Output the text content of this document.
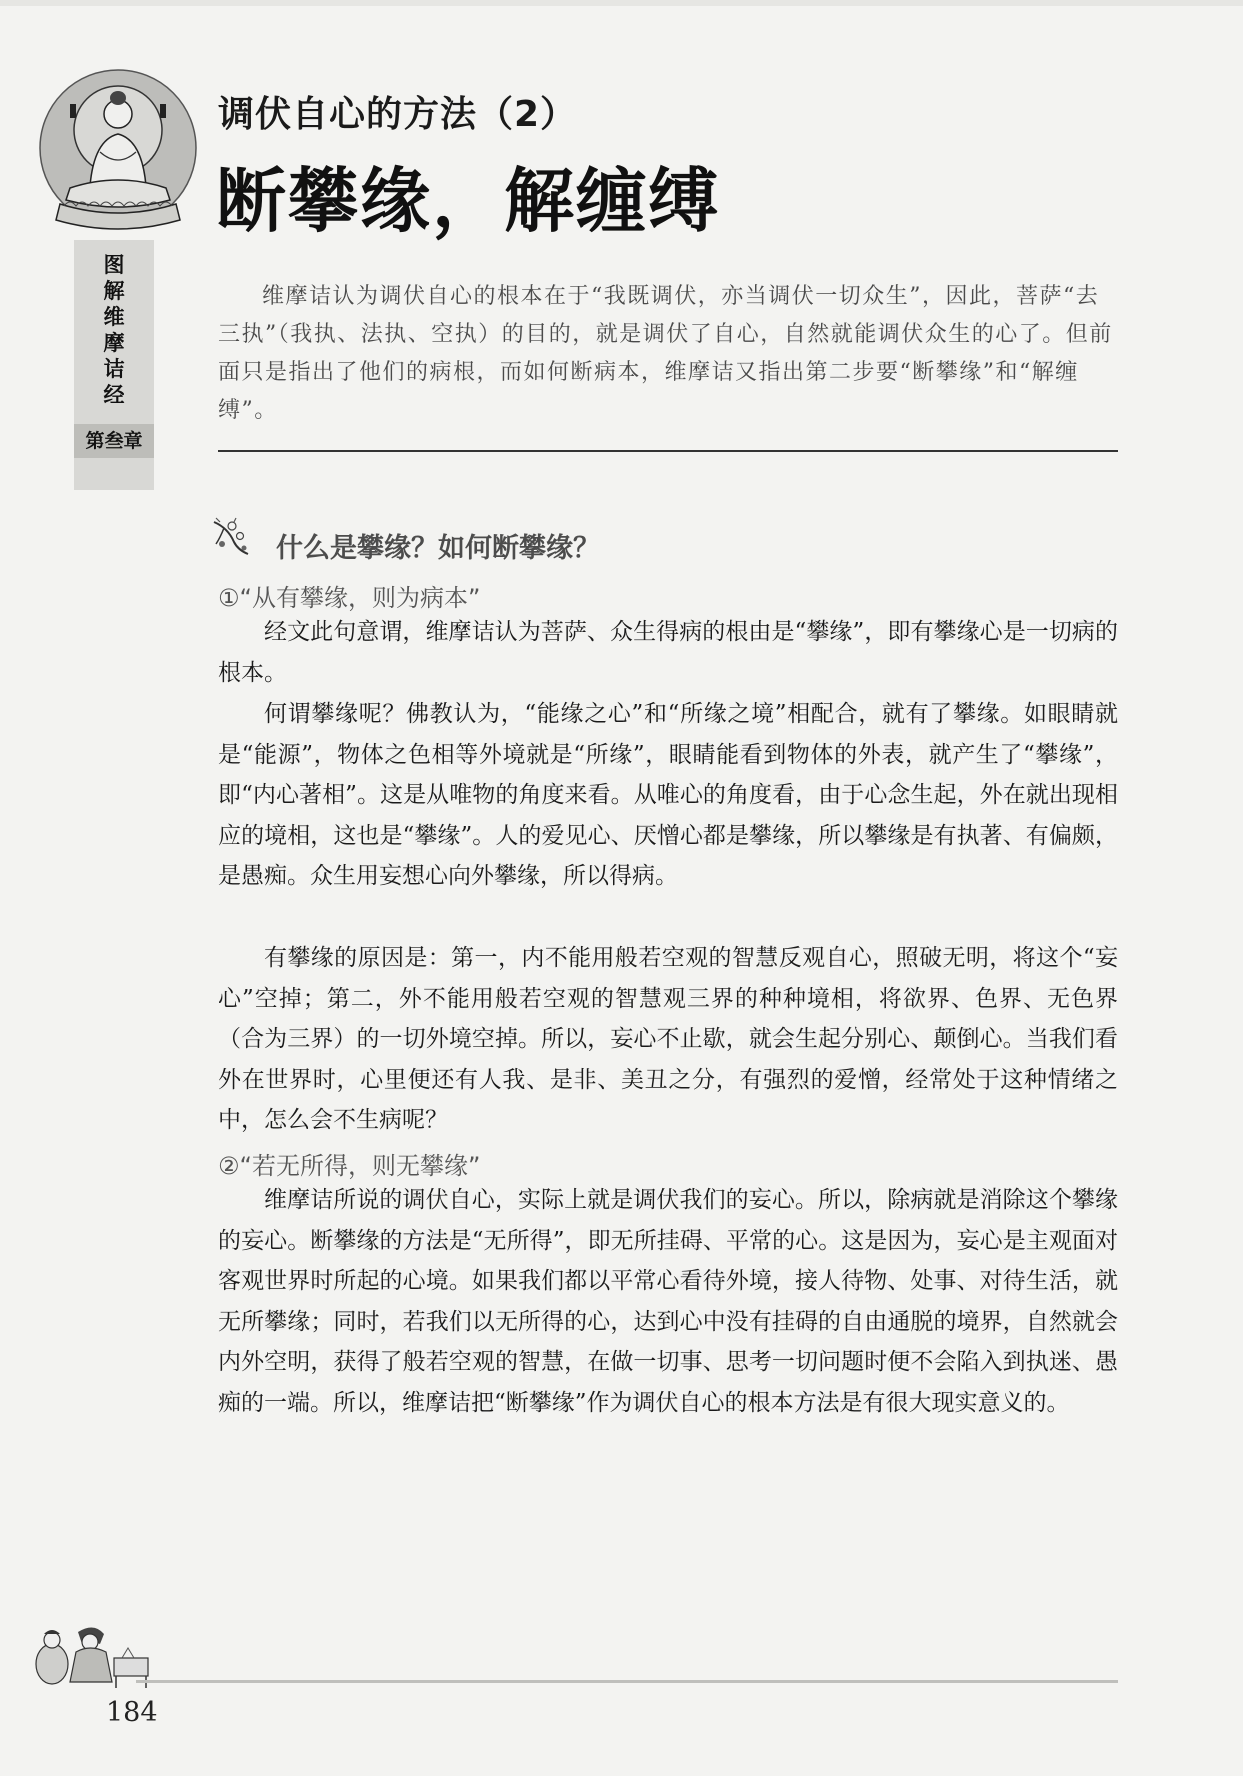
图
解
维
摩
诘
经
第叁章
调伏自心的方法（2）
断攀缘，解缠缚

维摩诘认为调伏自心的根本在于“我既调伏，亦当调伏一切众生”，因此，菩萨“去三执”（我执、法执、空执）的目的，就是调伏了自心，自然就能调伏众生的心了。但前面只是指出了他们的病根，而如何断病本，维摩诘又指出第二步要“断攀缘”和“解缠缚”。

什么是攀缘？如何断攀缘？
①“从有攀缘，则为病本”

经文此句意谓，维摩诘认为菩萨、众生得病的根由是“攀缘”，即有攀缘心是一切病的根本。

何谓攀缘呢？佛教认为，“能缘之心”和“所缘之境”相配合，就有了攀缘。如眼睛就是“能源”，物体之色相等外境就是“所缘”，眼睛能看到物体的外表，就产生了“攀缘”，即“内心著相”。这是从唯物的角度来看。从唯心的角度看，由于心念生起，外在就出现相应的境相，这也是“攀缘”。人的爱见心、厌憎心都是攀缘，所以攀缘是有执著、有偏颇，是愚痴。众生用妄想心向外攀缘，所以得病。

有攀缘的原因是：第一，内不能用般若空观的智慧反观自心，照破无明，将这个“妄心”空掉；第二，外不能用般若空观的智慧观三界的种种境相，将欲界、色界、无色界（合为三界）的一切外境空掉。所以，妄心不止歇，就会生起分别心、颠倒心。当我们看外在世界时，心里便还有人我、是非、美丑之分，有强烈的爱憎，经常处于这种情绪之中，怎么会不生病呢？

②“若无所得，则无攀缘”

维摩诘所说的调伏自心，实际上就是调伏我们的妄心。所以，除病就是消除这个攀缘的妄心。断攀缘的方法是“无所得”，即无所挂碍、平常的心。这是因为，妄心是主观面对客观世界时所起的心境。如果我们都以平常心看待外境，接人待物、处事、对待生活，就无所攀缘；同时，若我们以无所得的心，达到心中没有挂碍的自由通脱的境界，自然就会内外空明，获得了般若空观的智慧，在做一切事、思考一切问题时便不会陷入到执迷、愚痴的一端。所以，维摩诘把“断攀缘”作为调伏自心的根本方法是有很大现实意义的。

184
